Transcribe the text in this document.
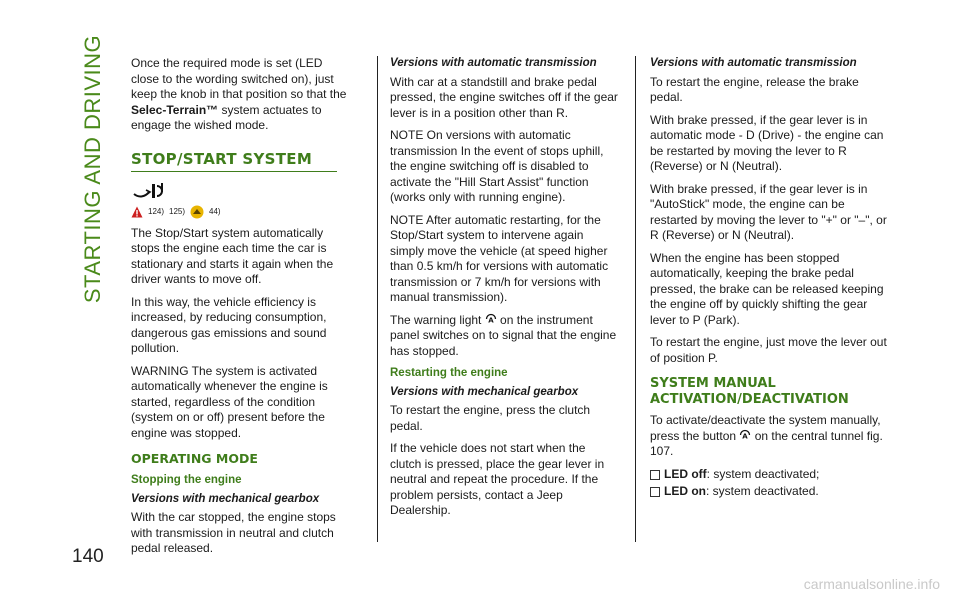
STARTING AND DRIVING
140

Once the required mode is set (LED close to the wording switched on), just keep the knob in that position so that the Selec-Terrain™ system actuates to engage the wished mode.

STOP/START SYSTEM
124) 125)	44)

The Stop/Start system automatically stops the engine each time the car is stationary and starts it again when the driver wants to move off.

In this way, the vehicle efficiency is increased, by reducing consumption, dangerous gas emissions and sound pollution.

WARNING The system is activated automatically whenever the engine is started, regardless of the condition (system on or off) present before the engine was stopped.

OPERATING MODE
Stopping the engine
Versions with mechanical gearbox

With the car stopped, the engine stops with transmission in neutral and clutch pedal released.

Versions with automatic transmission

With car at a standstill and brake pedal pressed, the engine switches off if the gear lever is in a position other than R.

NOTE On versions with automatic transmission In the event of stops uphill, the engine switching off is disabled to activate the "Hill Start Assist" function (works only with running engine).

NOTE After automatic restarting, for the Stop/Start system to intervene again simply move the vehicle (at speed higher than 0.5 km/h for versions with automatic transmission or 7 km/h for versions with manual transmission).

The warning light A on the instrument panel switches on to signal that the engine has stopped.

Restarting the engine
Versions with mechanical gearbox

To restart the engine, press the clutch pedal.

If the vehicle does not start when the clutch is pressed, place the gear lever in neutral and repeat the procedure. If the problem persists, contact a Jeep Dealership.

Versions with automatic transmission

To restart the engine, release the brake pedal.

With brake pressed, if the gear lever is in automatic mode - D (Drive) - the engine can be restarted by moving the lever to R (Reverse) or N (Neutral).

With brake pressed, if the gear lever is in "AutoStick" mode, the engine can be restarted by moving the lever to "+" or "–", or R (Reverse) or N (Neutral).

When the engine has been stopped automatically, keeping the brake pedal pressed, the brake can be released keeping the engine off by quickly shifting the gear lever to P (Park).

To restart the engine, just move the lever out of position P.

SYSTEM MANUAL ACTIVATION/DEACTIVATION

To activate/deactivate the system manually, press the button A on the central tunnel fig. 107.

LED off: system deactivated;
LED on: system deactivated.
carmanualsonline.info
